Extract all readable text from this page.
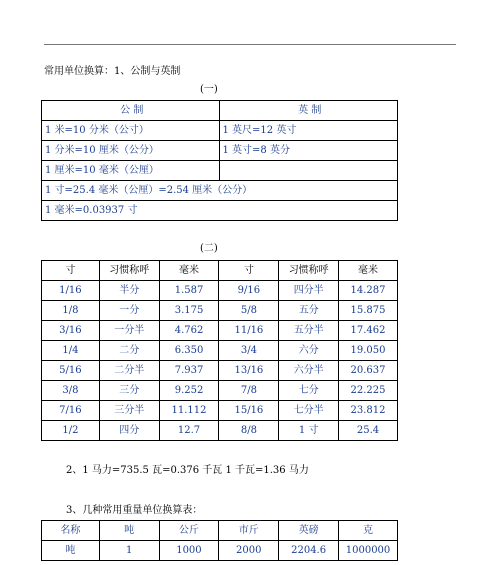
常用单位换算：1、公制与英制
(一)
公 制	英 制
1 米=10 分米（公寸）	1 英尺=12 英寸
1 分米=10 厘米（公分）	1 英寸=8 英分
1 厘米=10 毫米（公厘）	
1 寸=25.4 毫米（公厘）=2.54 厘米（公分）	
1 毫米=0.03937 寸	
(二)
寸	习惯称呼	毫米	寸	习惯称呼	毫米
1/16	半分	1.587	9/16	四分半	14.287
1/8	一分	3.175	5/8	五分	15.875
3/16	一分半	4.762	11/16	五分半	17.462
1/4	二分	6.350	3/4	六分	19.050
5/16	二分半	7.937	13/16	六分半	20.637
3/8	三分	9.252	7/8	七分	22.225
7/16	三分半	11.112	15/16	七分半	23.812
1/2	四分	12.7	8/8	1 寸	25.4
2、1 马力=735.5 瓦=0.376 千瓦 1 千瓦=1.36 马力
3、几种常用重量单位换算表：
名称	吨	公斤	市斤	英磅	克
吨	1	1000	2000	2204.6	1000000
